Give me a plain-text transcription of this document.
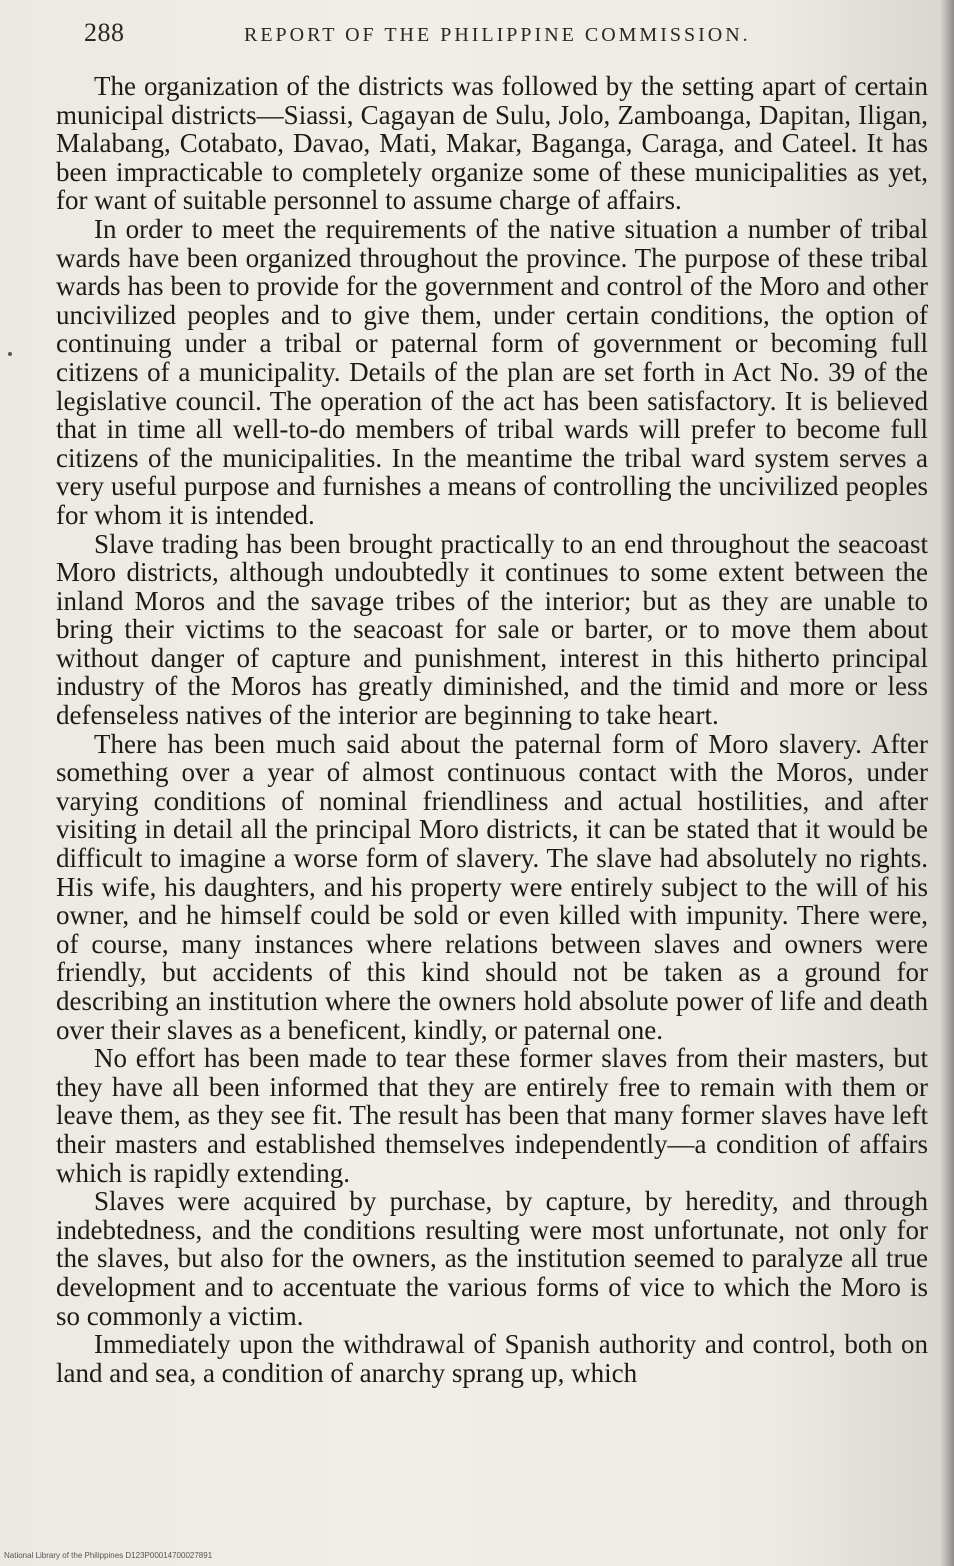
288	REPORT OF THE PHILIPPINE COMMISSION.

The organization of the districts was followed by the setting apart of certain municipal districts—Siassi, Cagayan de Sulu, Jolo, Zamboanga, Dapitan, Iligan, Malabang, Cotabato, Davao, Mati, Makar, Baganga, Caraga, and Cateel. It has been impracticable to completely organize some of these municipalities as yet, for want of suitable personnel to assume charge of affairs.

In order to meet the requirements of the native situation a number of tribal wards have been organized throughout the province. The purpose of these tribal wards has been to provide for the government and control of the Moro and other uncivilized peoples and to give them, under certain conditions, the option of continuing under a tribal or paternal form of government or becoming full citizens of a municipality. Details of the plan are set forth in Act No. 39 of the legislative council. The operation of the act has been satisfactory. It is believed that in time all well-to-do members of tribal wards will prefer to become full citizens of the municipalities. In the meantime the tribal ward system serves a very useful purpose and furnishes a means of controlling the uncivilized peoples for whom it is intended.

Slave trading has been brought practically to an end throughout the seacoast Moro districts, although undoubtedly it continues to some extent between the inland Moros and the savage tribes of the interior; but as they are unable to bring their victims to the seacoast for sale or barter, or to move them about without danger of capture and punishment, interest in this hitherto principal industry of the Moros has greatly diminished, and the timid and more or less defenseless natives of the interior are beginning to take heart.

There has been much said about the paternal form of Moro slavery. After something over a year of almost continuous contact with the Moros, under varying conditions of nominal friendliness and actual hostilities, and after visiting in detail all the principal Moro districts, it can be stated that it would be difficult to imagine a worse form of slavery. The slave had absolutely no rights. His wife, his daughters, and his property were entirely subject to the will of his owner, and he himself could be sold or even killed with impunity. There were, of course, many instances where relations between slaves and owners were friendly, but accidents of this kind should not be taken as a ground for describing an institution where the owners hold absolute power of life and death over their slaves as a beneficent, kindly, or paternal one.

No effort has been made to tear these former slaves from their masters, but they have all been informed that they are entirely free to remain with them or leave them, as they see fit. The result has been that many former slaves have left their masters and established themselves independently—a condition of affairs which is rapidly extending.

Slaves were acquired by purchase, by capture, by heredity, and through indebtedness, and the conditions resulting were most unfortunate, not only for the slaves, but also for the owners, as the institution seemed to paralyze all true development and to accentuate the various forms of vice to which the Moro is so commonly a victim.

Immediately upon the withdrawal of Spanish authority and control, both on land and sea, a condition of anarchy sprang up, which

National Library of the Philippines D123P00014700027891
